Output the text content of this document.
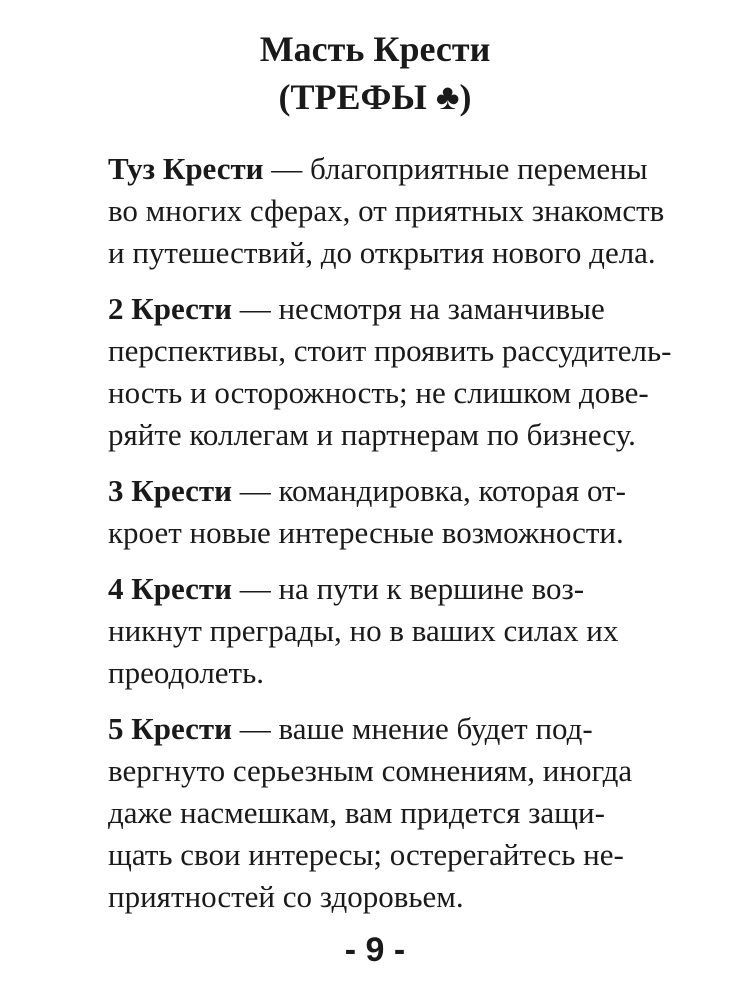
Масть Крести
(ТРЕФЫ ♣)

Туз Крести — благоприятные перемены
во многих сферах, от приятных знакомств
и путешествий, до открытия нового дела.

2 Крести — несмотря на заманчивые
перспективы, стоит проявить рассудитель-
ность и осторожность; не слишком дове-
ряйте коллегам и партнерам по бизнесу.

3 Крести — командировка, которая от-
кроет новые интересные возможности.

4 Крести — на пути к вершине воз-
никнут преграды, но в ваших силах их
преодолеть.

5 Крести — ваше мнение будет под-
вергнуто серьезным сомнениям, иногда
даже насмешкам, вам придется защи-
щать свои интересы; остерегайтесь не-
приятностей со здоровьем.

- 9 -
